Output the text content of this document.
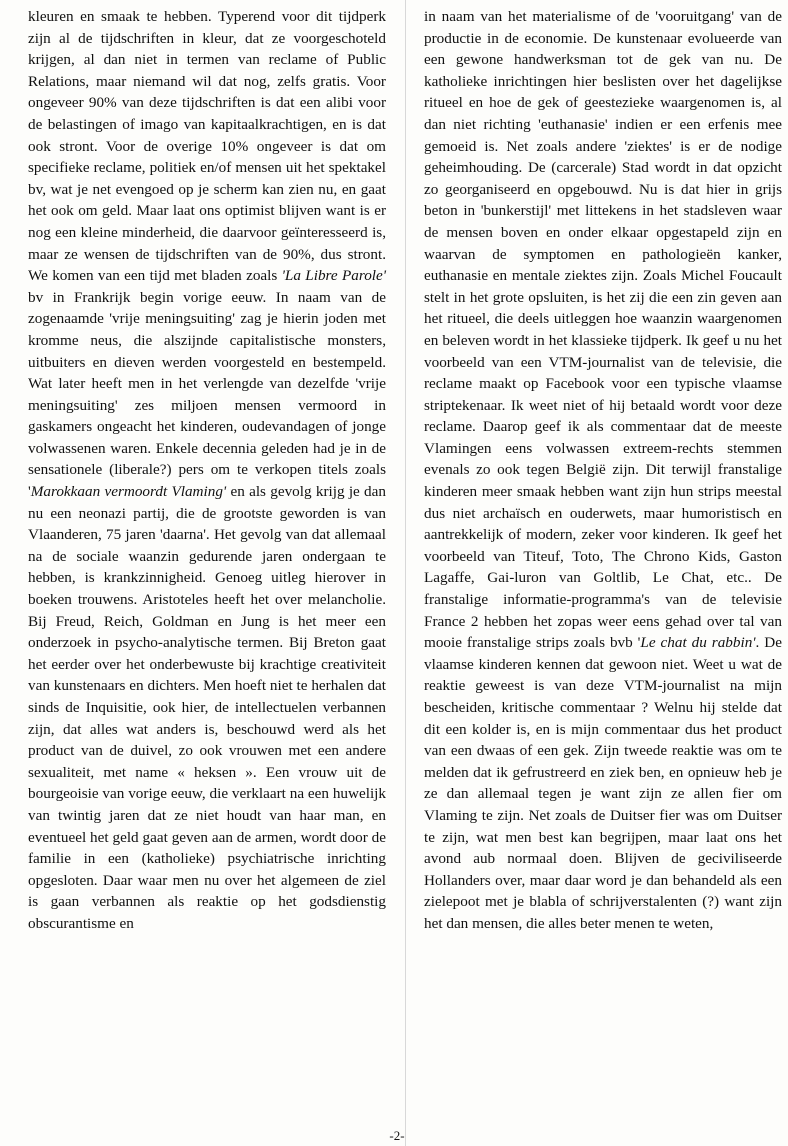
kleuren en smaak te hebben. Typerend voor dit tijdperk zijn al de tijdschriften in kleur, dat ze voorgeschoteld krijgen, al dan niet in termen van reclame of Public Relations, maar niemand wil dat nog, zelfs gratis. Voor ongeveer 90% van deze tijdschriften is dat een alibi voor de belastingen of imago van kapitaalkrachtigen, en is dat ook stront. Voor de overige 10% ongeveer is dat om specifieke reclame, politiek en/of mensen uit het spektakel bv, wat je net evengoed op je scherm kan zien nu, en gaat het ook om geld. Maar laat ons optimist blijven want is er nog een kleine minderheid, die daarvoor geïnteresseerd is, maar ze wensen de tijdschriften van de 90%, dus stront. We komen van een tijd met bladen zoals 'La Libre Parole' bv in Frankrijk begin vorige eeuw. In naam van de zogenaamde 'vrije meningsuiting' zag je hierin joden met kromme neus, die alszijnde capitalistische monsters, uitbuiters en dieven werden voorgesteld en bestempeld. Wat later heeft men in het verlengde van dezelfde 'vrije meningsuiting' zes miljoen mensen vermoord in gaskamers ongeacht het kinderen, oudevandagen of jonge volwassenen waren. Enkele decennia geleden had je in de sensationele (liberale?) pers om te verkopen titels zoals 'Marokkaan vermoordt Vlaming' en als gevolg krijg je dan nu een neonazi partij, die de grootste geworden is van Vlaanderen, 75 jaren 'daarna'. Het gevolg van dat allemaal na de sociale waanzin gedurende jaren ondergaan te hebben, is krankzinnigheid. Genoeg uitleg hierover in boeken trouwens. Aristoteles heeft het over melancholie. Bij Freud, Reich, Goldman en Jung is het meer een onderzoek in psycho-analytische termen. Bij Breton gaat het eerder over het onderbewuste bij krachtige creativiteit van kunstenaars en dichters. Men hoeft niet te herhalen dat sinds de Inquisitie, ook hier, de intellectuelen verbannen zijn, dat alles wat anders is, beschouwd werd als het product van de duivel, zo ook vrouwen met een andere sexualiteit, met name « heksen ». Een vrouw uit de bourgeoisie van vorige eeuw, die verklaart na een huwelijk van twintig jaren dat ze niet houdt van haar man, en eventueel het geld gaat geven aan de armen, wordt door de familie in een (katholieke) psychiatrische inrichting opgesloten. Daar waar men nu over het algemeen de ziel is gaan verbannen als reaktie op het godsdienstig obscurantisme en

in naam van het materialisme of de 'vooruitgang' van de productie in de economie. De kunstenaar evolueerde van een gewone handwerksman tot de gek van nu. De katholieke inrichtingen hier beslisten over het dagelijkse ritueel en hoe de gek of geestezieke waargenomen is, al dan niet richting 'euthanasie' indien er een erfenis mee gemoeid is. Net zoals andere 'ziektes' is er de nodige geheimhouding. De (carcerale) Stad wordt in dat opzicht zo georganiseerd en opgebouwd. Nu is dat hier in grijs beton in 'bunkerstijl' met littekens in het stadsleven waar de mensen boven en onder elkaar opgestapeld zijn en waarvan de symptomen en pathologieën kanker, euthanasie en mentale ziektes zijn. Zoals Michel Foucault stelt in het grote opsluiten, is het zij die een zin geven aan het ritueel, die deels uitleggen hoe waanzin waargenomen en beleven wordt in het klassieke tijdperk. Ik geef u nu het voorbeeld van een VTM-journalist van de televisie, die reclame maakt op Facebook voor een typische vlaamse striptekenaar. Ik weet niet of hij betaald wordt voor deze reclame. Daarop geef ik als commentaar dat de meeste Vlamingen eens volwassen extreem-rechts stemmen evenals zo ook tegen België zijn. Dit terwijl franstalige kinderen meer smaak hebben want zijn hun strips meestal dus niet archaïsch en ouderwets, maar humoristisch en aantrekkelijk of modern, zeker voor kinderen. Ik geef het voorbeeld van Titeuf, Toto, The Chrono Kids, Gaston Lagaffe, Gai-luron van Goltlib, Le Chat, etc.. De franstalige informatie-programma's van de televisie France 2 hebben het zopas weer eens gehad over tal van mooie franstalige strips zoals bvb 'Le chat du rabbin'. De vlaamse kinderen kennen dat gewoon niet. Weet u wat de reaktie geweest is van deze VTM-journalist na mijn bescheiden, kritische commentaar ? Welnu hij stelde dat dit een kolder is, en is mijn commentaar dus het product van een dwaas of een gek. Zijn tweede reaktie was om te melden dat ik gefrustreerd en ziek ben, en opnieuw heb je ze dan allemaal tegen je want zijn ze allen fier om Vlaming te zijn. Net zoals de Duitser fier was om Duitser te zijn, wat men best kan begrijpen, maar laat ons het avond aub normaal doen. Blijven de geciviliseerde Hollanders over, maar daar word je dan behandeld als een zielepoot met je blabla of schrijverstalenten (?) want zijn het dan mensen, die alles beter menen te weten,

-2-
